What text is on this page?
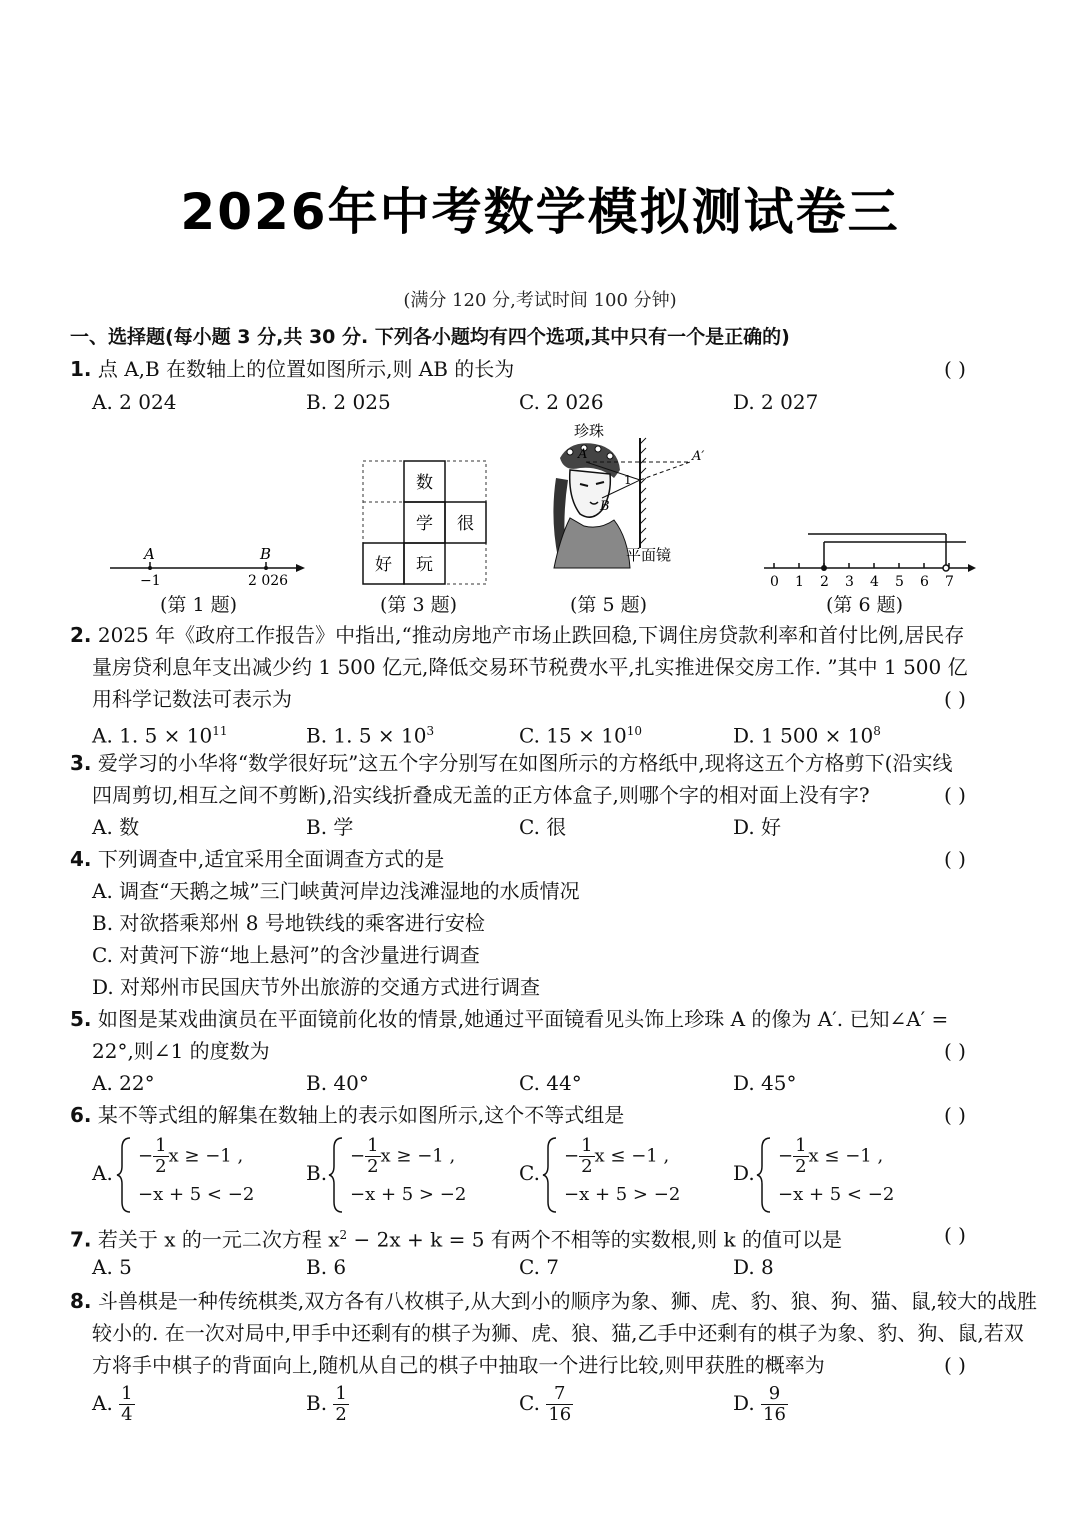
2026年中考数学模拟测试卷三
(满分 120 分,考试时间 100 分钟)
一、选择题(每小题 3 分,共 30 分. 下列各小题均有四个选项,其中只有一个是正确的)
1. 点 A,B 在数轴上的位置如图所示,则 AB 的长为	( )
A. 2 024	B. 2 025	C. 2 026	D. 2 027
A	B
−1	2 026
(第 1 题)
数
学 很
好 玩
(第 3 题)
珍珠
A	A′
B
1
平面镜
(第 5 题)
0 1 2 3 4 5 6 7
(第 6 题)
2. 2025 年《政府工作报告》中指出,“推动房地产市场止跌回稳,下调住房贷款利率和首付比例,居民存
量房贷利息年支出减少约 1 500 亿元,降低交易环节税费水平,扎实推进保交房工作. ”其中 1 500 亿
用科学记数法可表示为	( )
A. 1. $5 \times 10^{11}$	B. 1. $5 \times 10^3$	C. $15 \times 10^{10}$	D. 1 $500 \times 10^8$
3. 爱学习的小华将“数学很好玩”这五个字分别写在如图所示的方格纸中,现将这五个方格剪下(沿实线
四周剪切,相互之间不剪断),沿实线折叠成无盖的正方体盒子,则哪个字的相对面上没有字?	( )
A. 数	B. 学	C. 很	D. 好
4. 下列调查中,适宜采用全面调查方式的是	( )
A. 调查“天鹅之城”三门峡黄河岸边浅滩湿地的水质情况
B. 对欲搭乘郑州 8 号地铁线的乘客进行安检
C. 对黄河下游“地上悬河”的含沙量进行调查
D. 对郑州市民国庆节外出旅游的交通方式进行调查
5. 如图是某戏曲演员在平面镜前化妆的情景,她通过平面镜看见头饰上珍珠 A 的像为 A′. 已知∠A′ =
22°,则∠1 的度数为	( )
A. 22°	B. 40°	C. 44°	D. 45°
6. 某不等式组的解集在数轴上的表示如图所示,这个不等式组是	( )
A.
− $\frac{1}{2}$ x ≥ −1 ,
−x + 5 < −2
B.
− $\frac{1}{2}$ x ≥ −1 ,
−x + 5 > −2
C.
− $\frac{1}{2}$ x ≤ −1 ,
−x + 5 > −2
D.
− $\frac{1}{2}$ x ≤ −1 ,
−x + 5 < −2
7. 若关于 x 的一元二次方程 $x^2 - 2x + k = 5$ 有两个不相等的实数根,则 k 的值可以是	( )
A. 5	B. 6	C. 7	D. 8
8. 斗兽棋是一种传统棋类,双方各有八枚棋子,从大到小的顺序为象、狮、虎、豹、狼、狗、猫、鼠,较大的战胜
较小的. 在一次对局中,甲手中还剩有的棋子为狮、虎、狼、猫,乙手中还剩有的棋子为象、豹、狗、鼠,若双
方将手中棋子的背面向上,随机从自己的棋子中抽取一个进行比较,则甲获胜的概率为	( )
A. $\frac{1}{4}$	B. $\frac{1}{2}$	C. $\frac{7}{16}$	D. $\frac{9}{16}$
